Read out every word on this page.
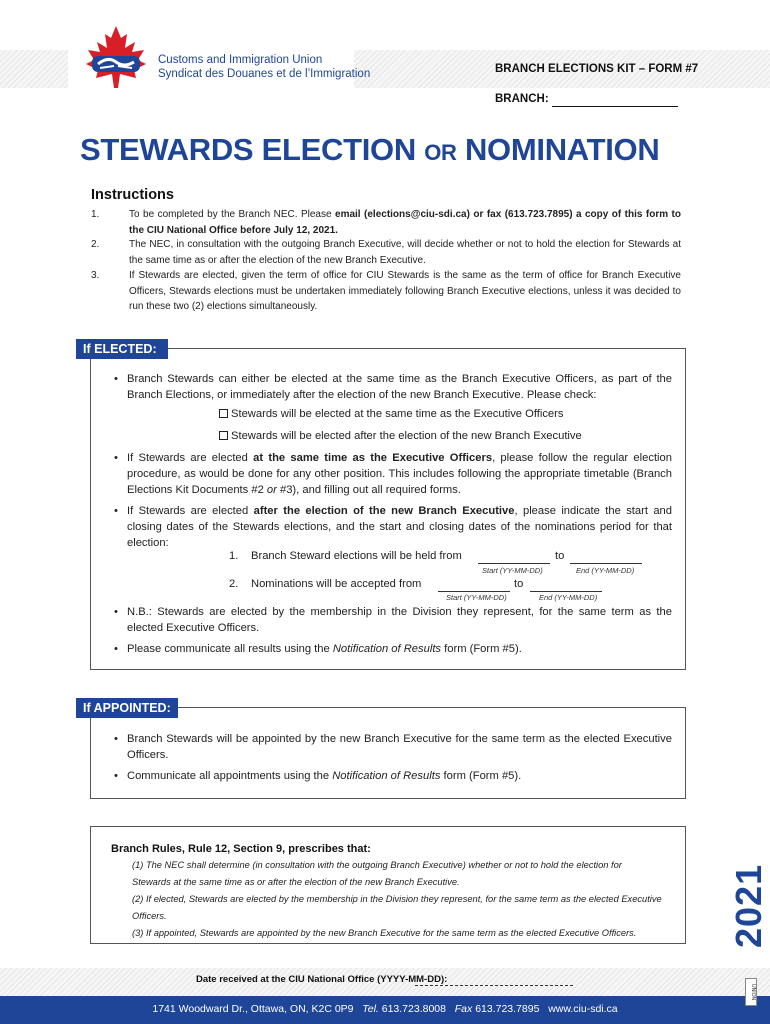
Customs and Immigration Union
Syndicat des Douanes et de l’Immigration	BRANCH ELECTIONS KIT – FORM #7
BRANCH:
STEWARDS ELECTION OR NOMINATION
Instructions
1.	To be completed by the Branch NEC. Please email (elections@ciu-sdi.ca) or fax (613.723.7895) a copy of this form to the CIU National Office before July 12, 2021.
2.	The NEC, in consultation with the outgoing Branch Executive, will decide whether or not to hold the election for Stewards at the same time as or after the election of the new Branch Executive.
3.	If Stewards are elected, given the term of office for CIU Stewards is the same as the term of office for Branch Executive Officers, Stewards elections must be undertaken immediately following Branch Executive elections, unless it was decided to run these two (2) elections simultaneously.
If ELECTED:
• Branch Stewards can either be elected at the same time as the Branch Executive Officers, as part of the Branch Elections, or immediately after the election of the new Branch Executive. Please check:
Stewards will be elected at the same time as the Executive Officers
Stewards will be elected after the election of the new Branch Executive
• If Stewards are elected at the same time as the Executive Officers, please follow the regular election procedure, as would be done for any other position. This includes following the appropriate timetable (Branch Elections Kit Documents #2 or #3), and filling out all required forms.
• If Stewards are elected after the election of the new Branch Executive, please indicate the start and closing dates of the Stewards elections, and the start and closing dates of the nominations period for that election:
1. Branch Steward elections will be held from	to
Start (YY-MM-DD)	End (YY-MM-DD)
2. Nominations will be accepted from	to
Start (YY-MM-DD)	End (YY-MM-DD)
• N.B.: Stewards are elected by the membership in the Division they represent, for the same term as the elected Executive Officers.
• Please communicate all results using the Notification of Results form (Form #5).
If APPOINTED:
• Branch Stewards will be appointed by the new Branch Executive for the same term as the elected Executive Officers.
• Communicate all appointments using the Notification of Results form (Form #5).
Branch Rules, Rule 12, Section 9, prescribes that:

(1) The NEC shall determine (in consultation with the outgoing Branch Executive) whether or not to hold the election for Stewards at the same time as or after the election of the new Branch Executive.

(2) If elected, Stewards are elected by the membership in the Division they represent, for the same term as the elected Executive Officers.

(3) If appointed, Stewards are appointed by the new Branch Executive for the same term as the elected Executive Officers.	2021
Date received at the CIU National Office (YYYY-MM-DD):
1741 Woodward Dr., Ottawa, ON, K2C 0P9 Tel. 613.723.8008 Fax 613.723.7895 www.ciu-sdi.ca
UNION
